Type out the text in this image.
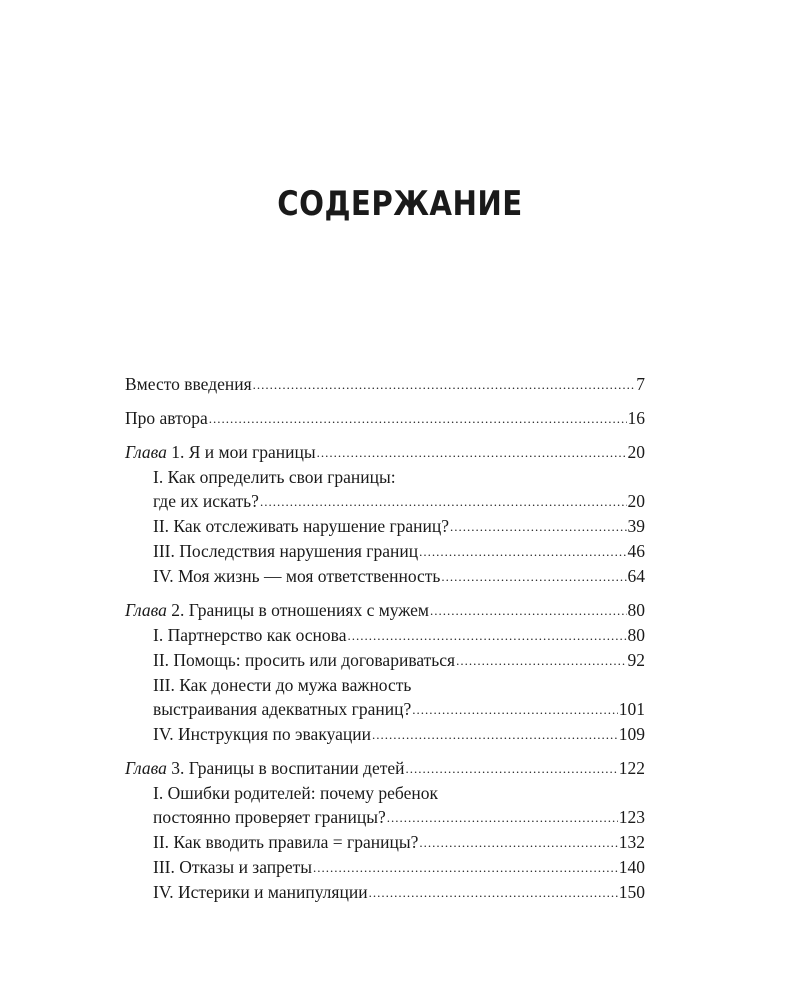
СОДЕРЖАНИЕ
Вместо введения .....	7
Про автора .....	16
Глава 1. Я и мои границы .....	20
I. Как определить свои границы:
где их искать? .....	20
II. Как отслеживать нарушение границ? .....	39
III. Последствия нарушения границ .....	46
IV. Моя жизнь — моя ответственность .....	64
Глава 2. Границы в отношениях с мужем .....	80
I. Партнерство как основа .....	80
II. Помощь: просить или договариваться .....	92
III. Как донести до мужа важность
выстраивания адекватных границ? .....	101
IV. Инструкция по эвакуации .....	109
Глава 3. Границы в воспитании детей .....	122
I. Ошибки родителей: почему ребенок
постоянно проверяет границы? .....	123
II. Как вводить правила = границы? .....	132
III. Отказы и запреты .....	140
IV. Истерики и манипуляции .....	150
